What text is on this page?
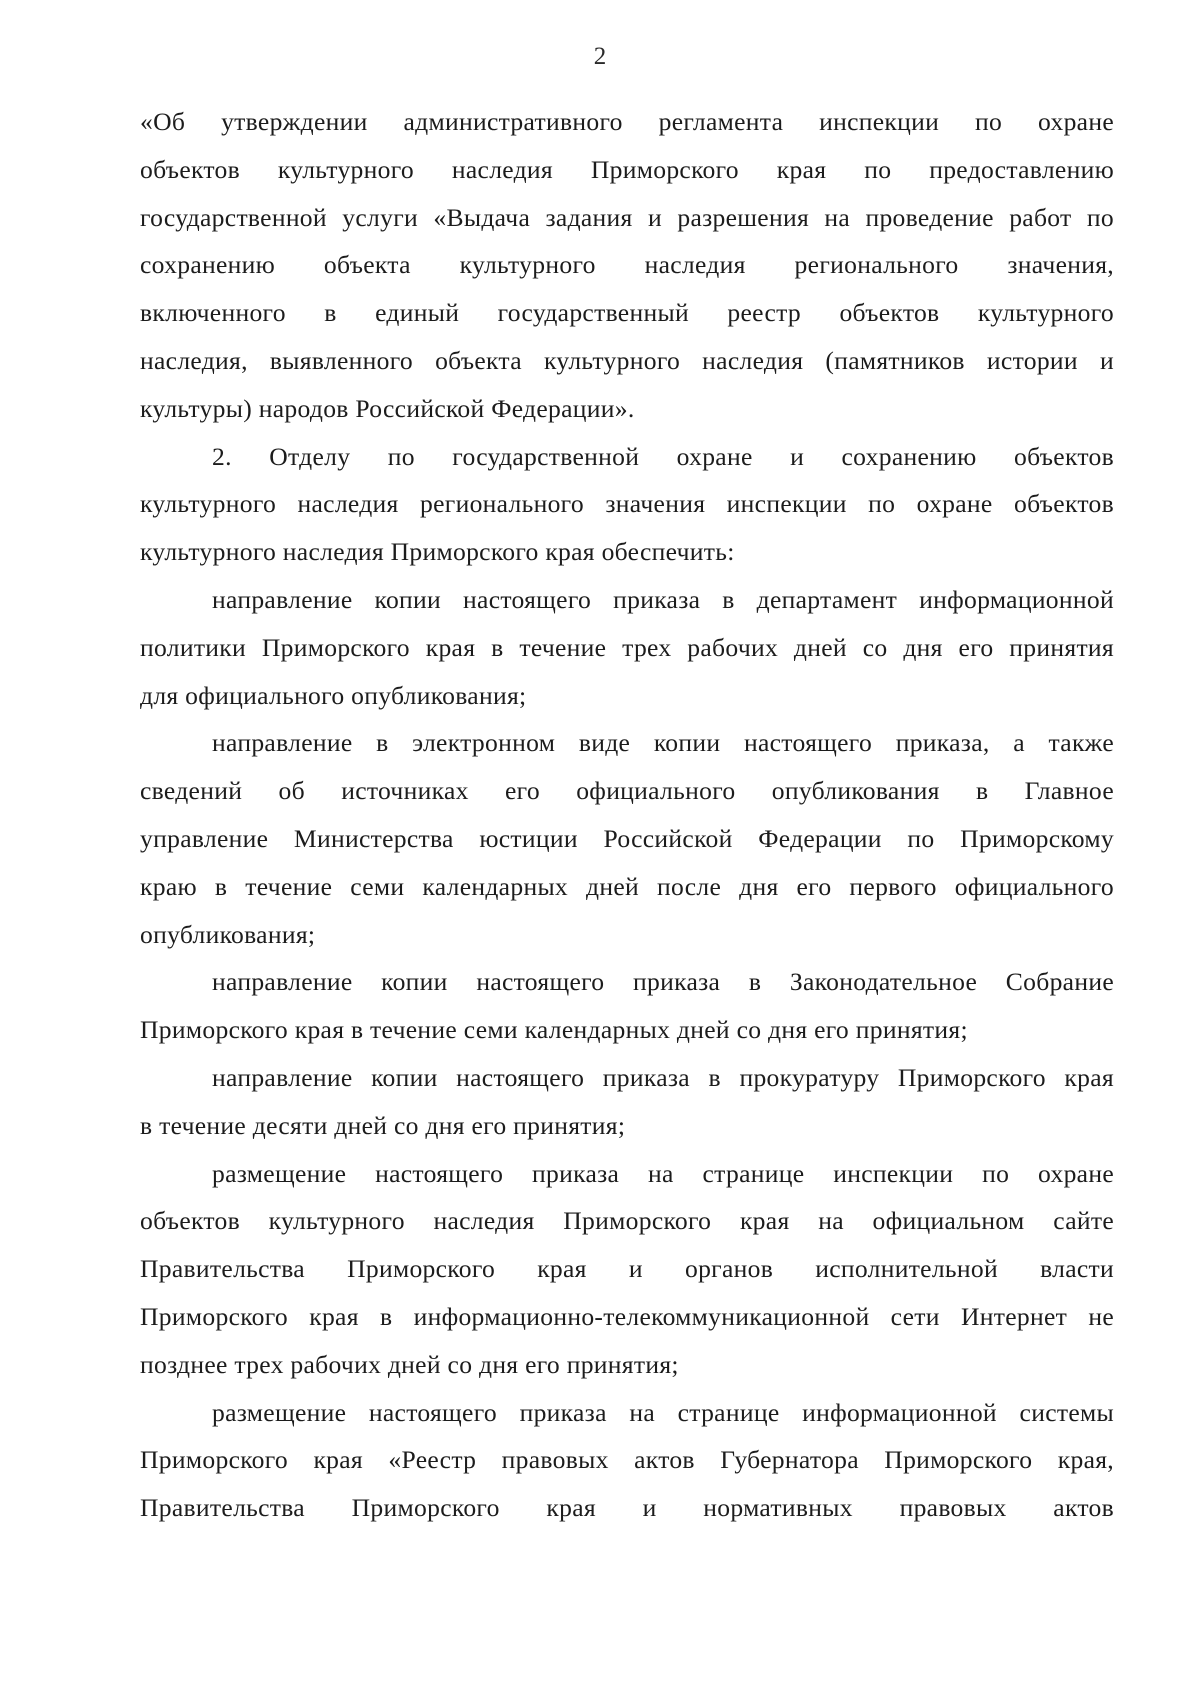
2
«Об утверждении административного регламента инспекции по охране
объектов культурного наследия Приморского края по предоставлению
государственной услуги «Выдача задания и разрешения на проведение работ по
сохранению объекта культурного наследия регионального значения,
включенного в единый государственный реестр объектов культурного
наследия, выявленного объекта культурного наследия (памятников истории и
культуры) народов Российской Федерации».
2. Отделу по государственной охране и сохранению объектов
культурного наследия регионального значения инспекции по охране объектов
культурного наследия Приморского края обеспечить:
направление копии настоящего приказа в департамент информационной
политики Приморского края в течение трех рабочих дней со дня его принятия
для официального опубликования;
направление в электронном виде копии настоящего приказа, а также
сведений об источниках его официального опубликования в Главное
управление Министерства юстиции Российской Федерации по Приморскому
краю в течение семи календарных дней после дня его первого официального
опубликования;
направление копии настоящего приказа в Законодательное Собрание
Приморского края в течение семи календарных дней со дня его принятия;
направление копии настоящего приказа в прокуратуру Приморского края
в течение десяти дней со дня его принятия;
размещение настоящего приказа на странице инспекции по охране
объектов культурного наследия Приморского края на официальном сайте
Правительства Приморского края и органов исполнительной власти
Приморского края в информационно-телекоммуникационной сети Интернет не
позднее трех рабочих дней со дня его принятия;
размещение настоящего приказа на странице информационной системы
Приморского края «Реестр правовых актов Губернатора Приморского края,
Правительства Приморского края и нормативных правовых актов
